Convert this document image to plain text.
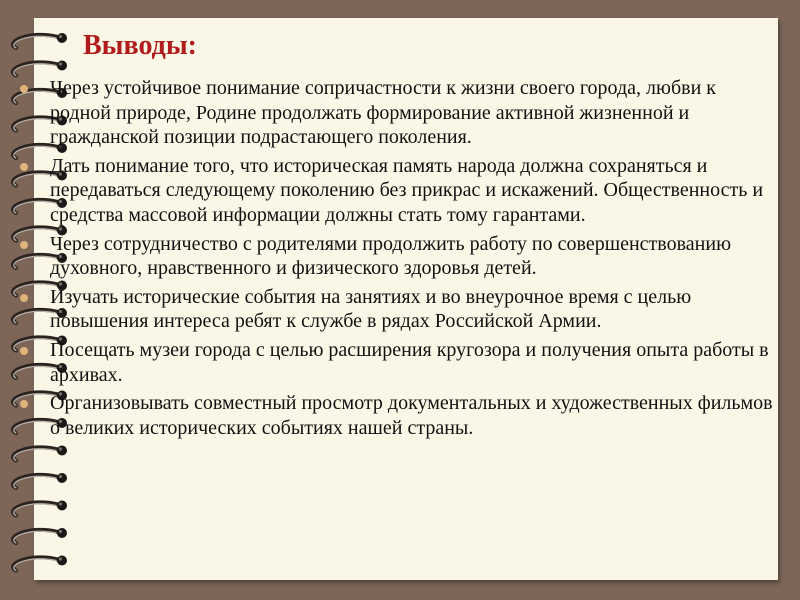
Выводы:
Через устойчивое понимание сопричастности к жизни своего города, любви к родной природе, Родине продолжать формирование активной жизненной и гражданской позиции подрастающего поколения.
Дать понимание того, что историческая память народа должна сохраняться и передаваться следующему поколению без прикрас и искажений. Общественность и средства массовой информации должны стать тому гарантами.
Через сотрудничество с родителями продолжить работу по совершенствованию духовного, нравственного и физического здоровья детей.
Изучать исторические события на занятиях и во внеурочное время с целью повышения интереса ребят к службе в рядах Российской Армии.
Посещать музеи города с целью расширения кругозора и получения опыта работы в архивах.
Организовывать совместный просмотр документальных и художественных фильмов о великих исторических событиях нашей страны.
